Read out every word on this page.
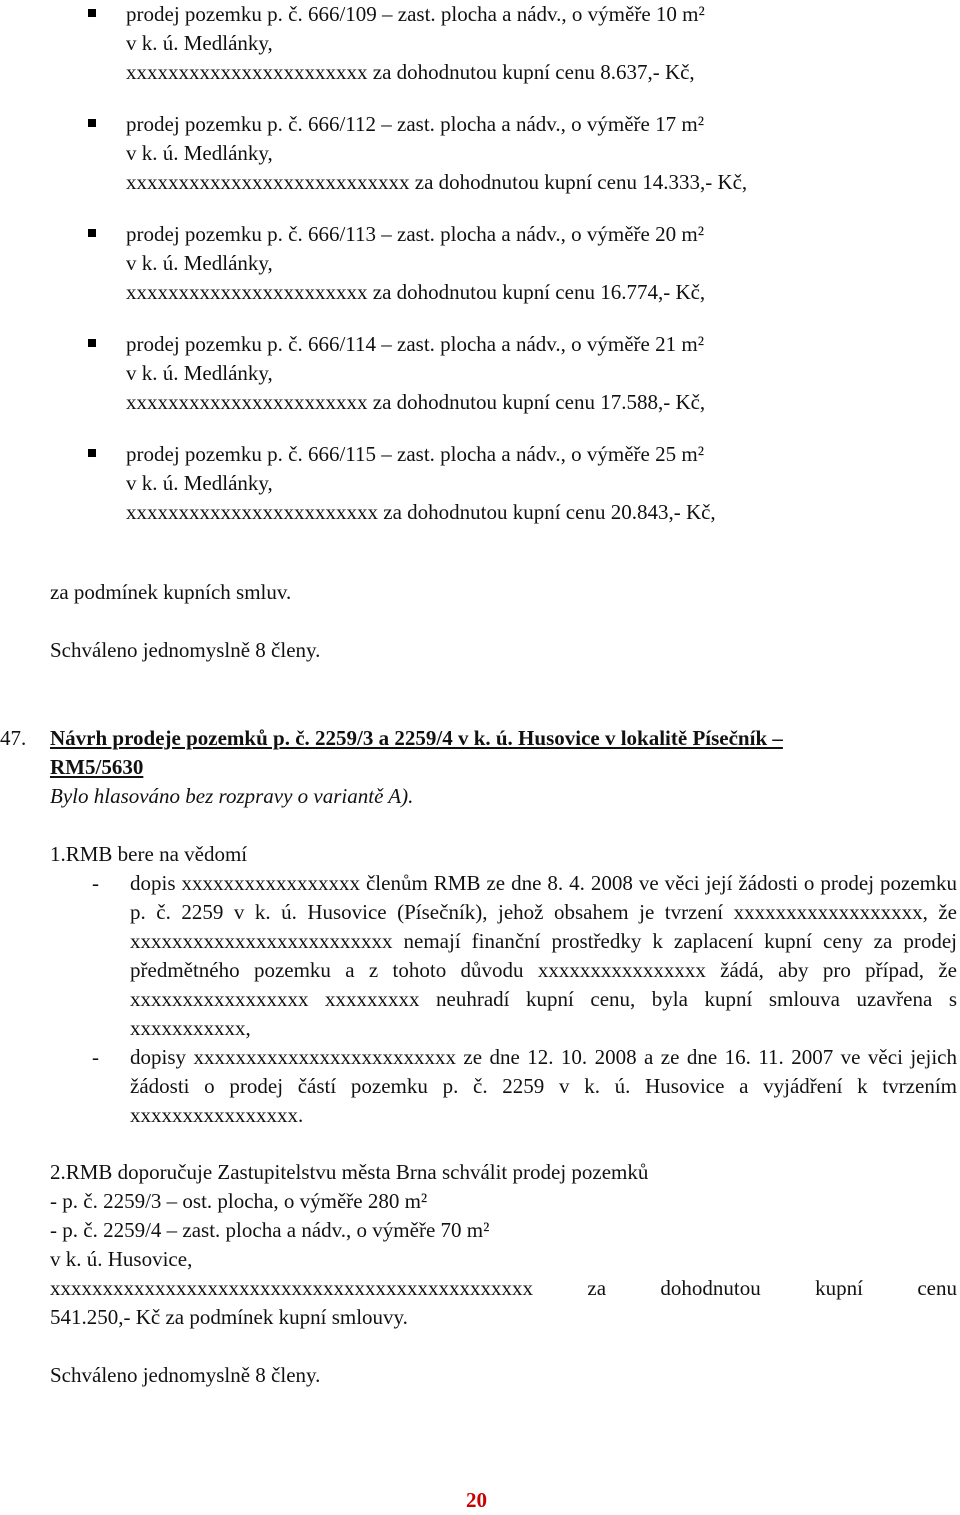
prodej pozemku p. č. 666/109 – zast. plocha a nádv., o výměře 10 m²
v k. ú. Medlánky,
xxxxxxxxxxxxxxxxxxxxxxx za dohodnutou kupní cenu 8.637,- Kč,
prodej pozemku p. č. 666/112 – zast. plocha a nádv., o výměře 17 m²
v k. ú. Medlánky,
xxxxxxxxxxxxxxxxxxxxxxxxxxx za dohodnutou kupní cenu 14.333,- Kč,
prodej pozemku p. č. 666/113 – zast. plocha a nádv., o výměře 20 m²
v k. ú. Medlánky,
xxxxxxxxxxxxxxxxxxxxxxx za dohodnutou kupní cenu 16.774,- Kč,
prodej pozemku p. č. 666/114 – zast. plocha a nádv., o výměře 21 m²
v k. ú. Medlánky,
xxxxxxxxxxxxxxxxxxxxxxx za dohodnutou kupní cenu 17.588,- Kč,
prodej pozemku p. č. 666/115 – zast. plocha a nádv., o výměře 25 m²
v k. ú. Medlánky,
xxxxxxxxxxxxxxxxxxxxxxxx za dohodnutou kupní cenu 20.843,- Kč,
za podmínek kupních smluv.
Schváleno jednomyslně 8 členy.
47. Návrh prodeje pozemků p. č. 2259/3 a 2259/4 v k. ú. Husovice v lokalitě Písečník –
RM5/5630
Bylo hlasováno bez rozpravy o variantě A).
1.RMB bere na vědomí
- dopis xxxxxxxxxxxxxxxxx členům RMB ze dne 8. 4. 2008 ve věci její žádosti o prodej pozemku p. č. 2259 v k. ú. Husovice (Písečník), jehož obsahem je tvrzení xxxxxxxxxxxxxxxxxx, že xxxxxxxxxxxxxxxxxxxxxxxxx nemají finanční prostředky k zaplacení kupní ceny za prodej předmětného pozemku a z tohoto důvodu xxxxxxxxxxxxxxxx žádá, aby pro případ, že xxxxxxxxxxxxxxxxx xxxxxxxxx neuhradí kupní cenu, byla kupní smlouva uzavřena s xxxxxxxxxxx,
- dopisy xxxxxxxxxxxxxxxxxxxxxxxxx ze dne 12. 10. 2008 a ze dne 16. 11. 2007 ve věci jejich žádosti o prodej částí pozemku p. č. 2259 v k. ú. Husovice a vyjádření k tvrzením xxxxxxxxxxxxxxxx.
2.RMB doporučuje Zastupitelstvu města Brna schválit prodej pozemků
- p. č. 2259/3 – ost. plocha, o výměře 280 m²
- p. č. 2259/4 – zast. plocha a nádv., o výměře 70 m²
v k. ú. Husovice,
xxxxxxxxxxxxxxxxxxxxxxxxxxxxxxxxxxxxxxxxxxxxxx	za	dohodnutou	kupní	cenu
541.250,- Kč za podmínek kupní smlouvy.
Schváleno jednomyslně 8 členy.
20
